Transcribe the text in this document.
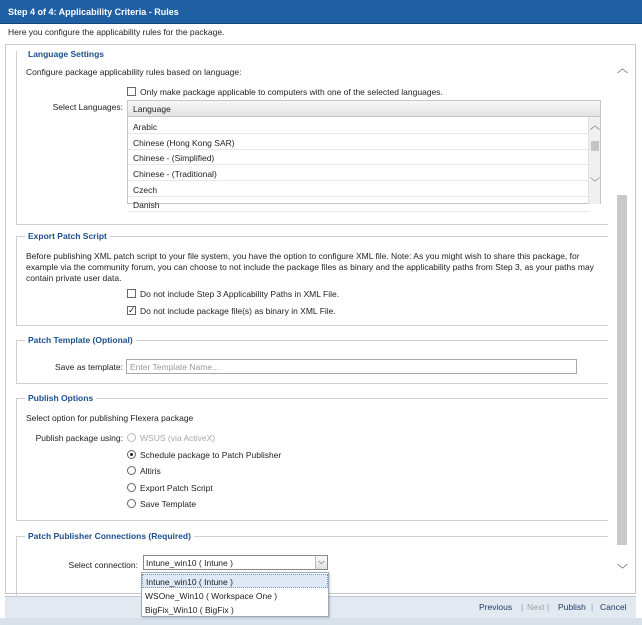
Step 4 of 4: Applicability Criteria - Rules
Here you configure the applicability rules for the package.
Language Settings
Configure package applicability rules based on language:
Only make package applicable to computers with one of the selected languages.
Select Languages:	Language
Arabic
Chinese (Hong Kong SAR)
Chinese - (Simplified)
Chinese - (Traditional)
Czech
Danish
︿
﹀
Export Patch Script
Before publishing XML patch script to your file system, you have the option to configure XML file. Note: As you might wish to share this package, for example via the community forum, you can choose to not include the package files as binary and the applicability paths from Step 3, as your paths may contain private user data.
Do not include Step 3 Applicability Paths in XML File.
✓ Do not include package file(s) as binary in XML File.
Patch Template (Optional)
Save as template:
Enter Template Name...
Publish Options
Select option for publishing Flexera package
Publish package using: WSUS (via ActiveX)
Schedule package to Patch Publisher
Altiris
Export Patch Script
Save Template
Patch Publisher Connections (Required)
Select connection:
︿
﹀
Intune_win10 ( Intune )	⌵
Intune_win10 ( Intune )
WSOne_Win10 ( Workspace One )
BigFix_Win10 ( BigFix )	Previous | Next | Publish | Cancel
